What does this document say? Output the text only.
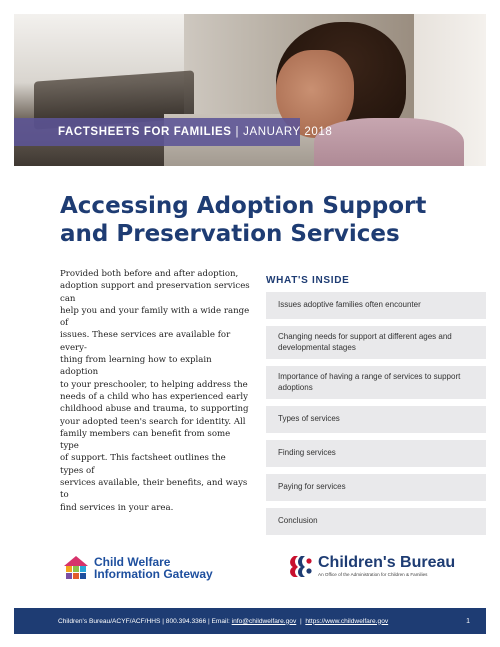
FACTSHEETS FOR FAMILIES | JANUARY 2018
Accessing Adoption Support
and Preservation Services
Provided both before and after adoption,
adoption support and preservation services can
help you and your family with a wide range of
issues. These services are available for every-
thing from learning how to explain adoption
to your preschooler, to helping address the
needs of a child who has experienced early
childhood abuse and trauma, to supporting
your adopted teen's search for identity. All
family members can benefit from some type
of support. This factsheet outlines the types of
services available, their benefits, and ways to
find services in your area.
WHAT'S INSIDE
Issues adoptive families often encounter
Changing needs for support at different ages and developmental stages
Importance of having a range of services to support adoptions
Types of services
Finding services
Paying for services
Conclusion
Child Welfare
Information Gateway
Children's Bureau
An Office of the Administration for Children & Families
Children's Bureau/ACYF/ACF/HHS | 800.394.3366 | Email:
info@childwelfare.gov
|
https://www.childwelfare.gov	1
